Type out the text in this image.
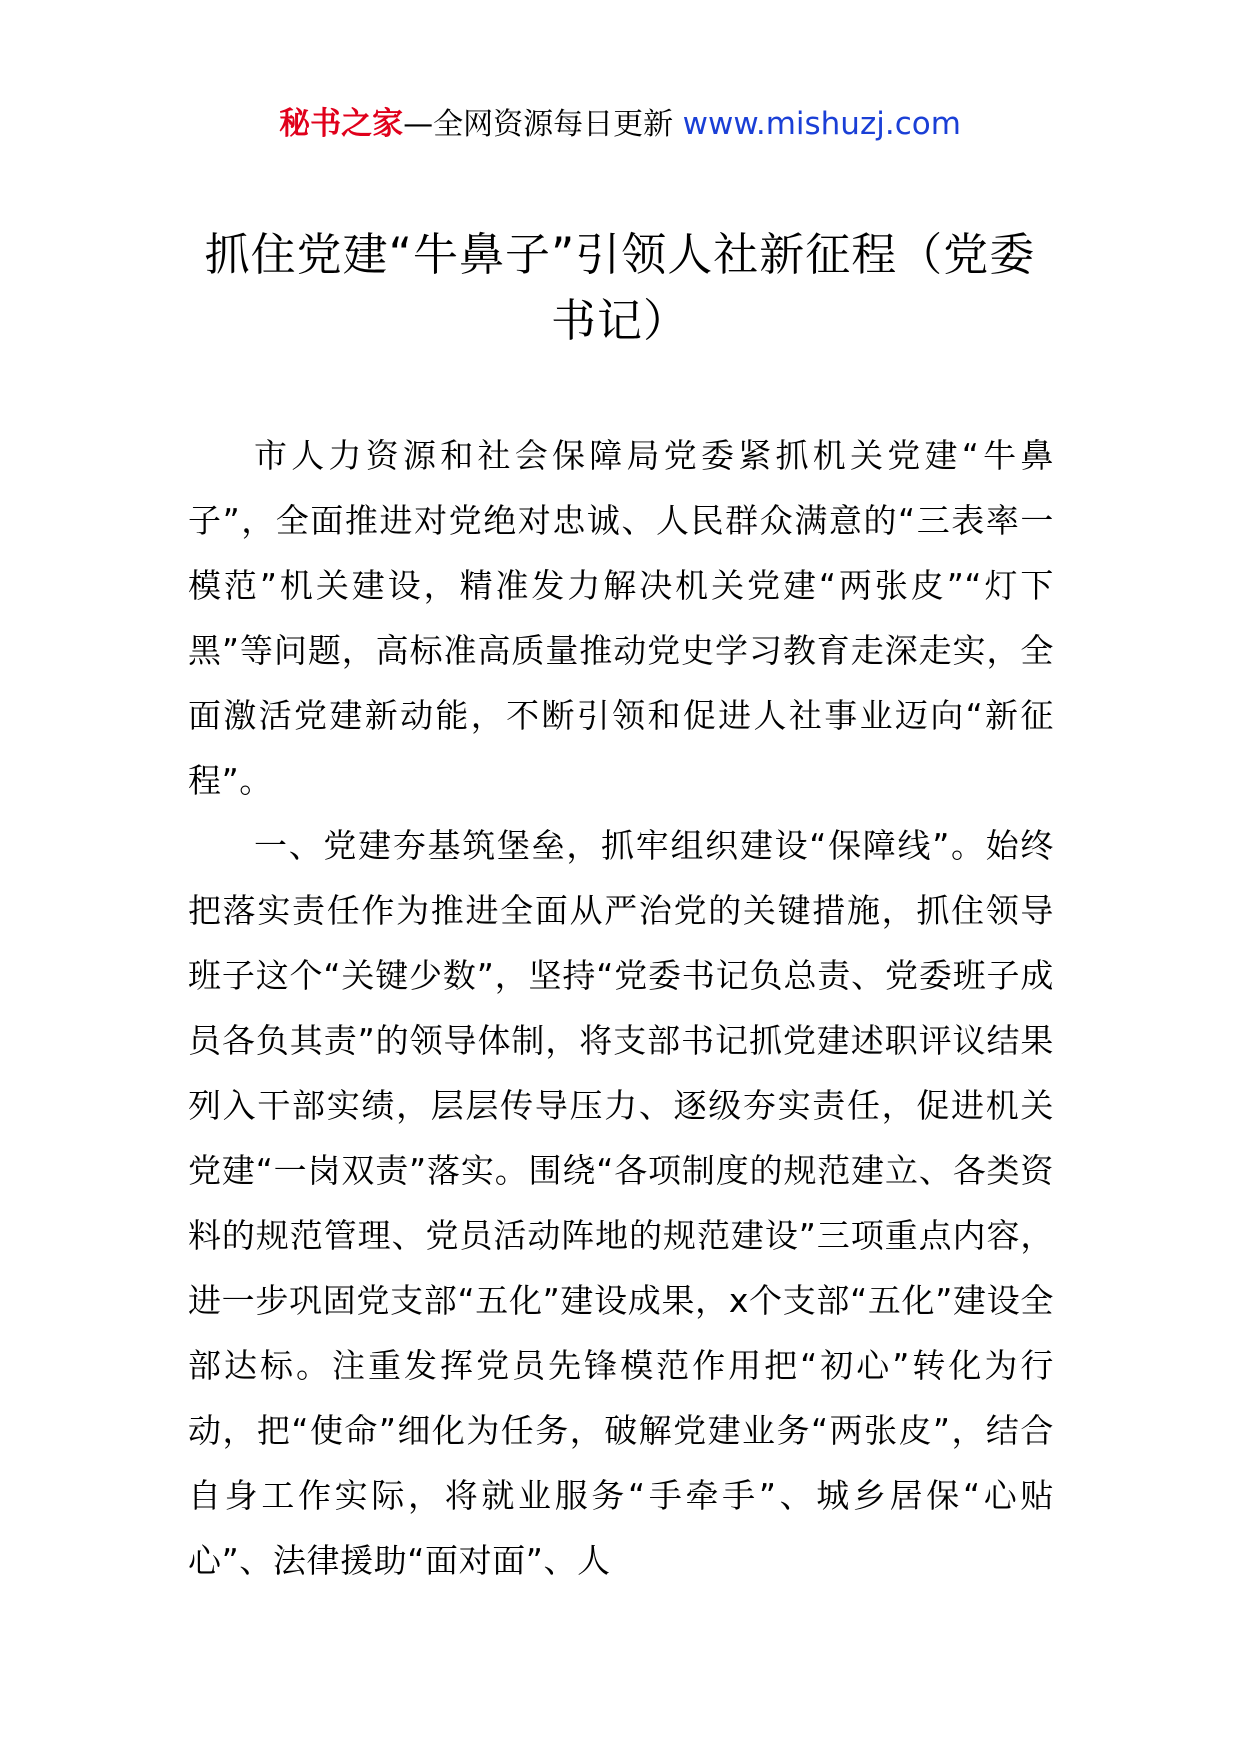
秘书之家—全网资源每日更新 www.mishuzj.com
抓住党建“牛鼻子”引领人社新征程（党委书记）

市人力资源和社会保障局党委紧抓机关党建“牛鼻子”，全面推进对党绝对忠诚、人民群众满意的“三表率一模范”机关建设，精准发力解决机关党建“两张皮”“灯下黑”等问题，高标准高质量推动党史学习教育走深走实，全面激活党建新动能，不断引领和促进人社事业迈向“新征程”。

一、党建夯基筑堡垒，抓牢组织建设“保障线”。始终把落实责任作为推进全面从严治党的关键措施，抓住领导班子这个“关键少数”，坚持“党委书记负总责、党委班子成员各负其责”的领导体制，将支部书记抓党建述职评议结果列入干部实绩，层层传导压力、逐级夯实责任，促进机关党建“一岗双责”落实。围绕“各项制度的规范建立、各类资料的规范管理、党员活动阵地的规范建设”三项重点内容，进一步巩固党支部“五化”建设成果，x个支部“五化”建设全部达标。注重发挥党员先锋模范作用把“初心”转化为行动，把“使命”细化为任务，破解党建业务“两张皮”，结合自身工作实际，将就业服务“手牵手”、城乡居保“心贴心”、法律援助“面对面”、人
